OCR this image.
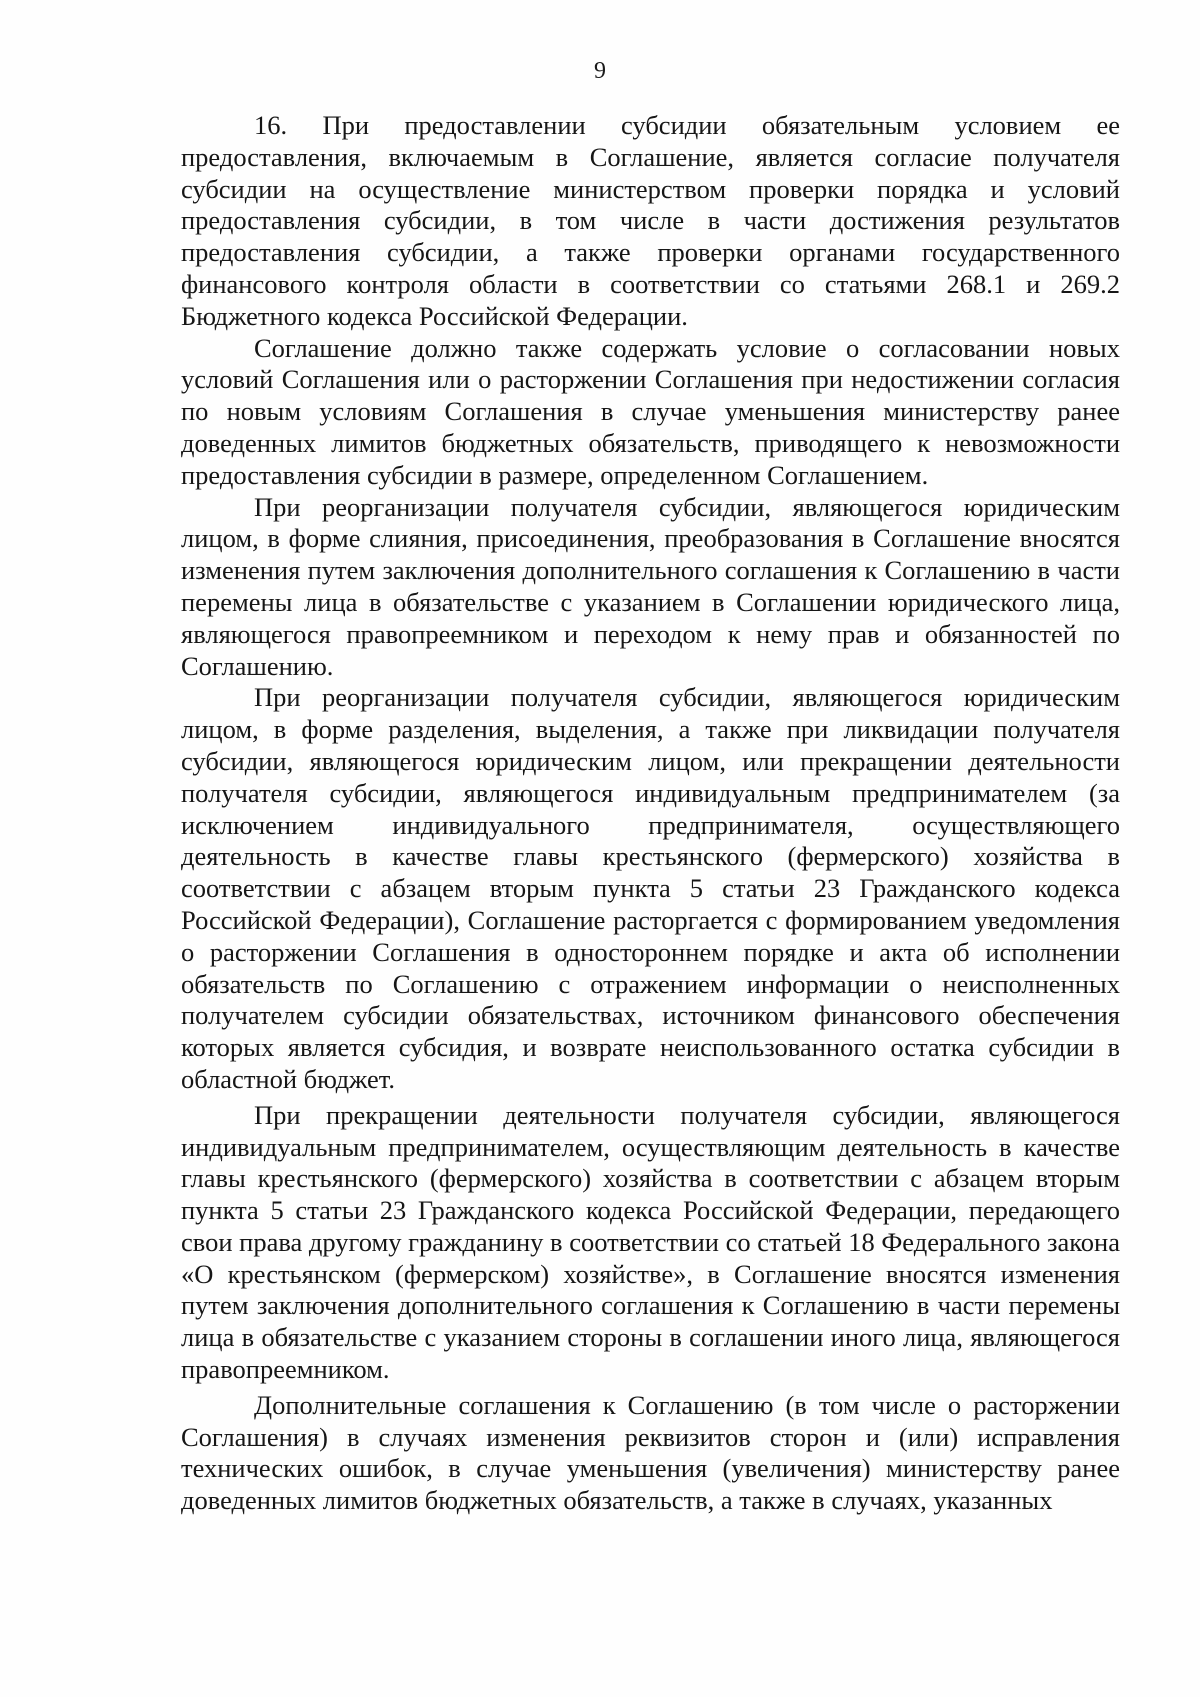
9

16. При предоставлении субсидии обязательным условием ее предоставления, включаемым в Соглашение, является согласие получателя субсидии на осуществление министерством проверки порядка и условий предоставления субсидии, в том числе в части достижения результатов предоставления субсидии, а также проверки органами государственного финансового контроля области в соответствии со статьями 268.1 и 269.2 Бюджетного кодекса Российской Федерации.

Соглашение должно также содержать условие о согласовании новых условий Соглашения или о расторжении Соглашения при недостижении согласия по новым условиям Соглашения в случае уменьшения министерству ранее доведенных лимитов бюджетных обязательств, приводящего к невозможности предоставления субсидии в размере, определенном Соглашением.

При реорганизации получателя субсидии, являющегося юридическим лицом, в форме слияния, присоединения, преобразования в Соглашение вносятся изменения путем заключения дополнительного соглашения к Соглашению в части перемены лица в обязательстве с указанием в Соглашении юридического лица, являющегося правопреемником и переходом к нему прав и обязанностей по Соглашению.

При реорганизации получателя субсидии, являющегося юридическим лицом, в форме разделения, выделения, а также при ликвидации получателя субсидии, являющегося юридическим лицом, или прекращении деятельности получателя субсидии, являющегося индивидуальным предпринимателем (за исключением индивидуального предпринимателя, осуществляющего деятельность в качестве главы крестьянского (фермерского) хозяйства в соответствии с абзацем вторым пункта 5 статьи 23 Гражданского кодекса Российской Федерации), Соглашение расторгается с формированием уведомления о расторжении Соглашения в одностороннем порядке и акта об исполнении обязательств по Соглашению с отражением информации о неисполненных получателем субсидии обязательствах, источником финансового обеспечения которых является субсидия, и возврате неиспользованного остатка субсидии в областной бюджет.

При прекращении деятельности получателя субсидии, являющегося индивидуальным предпринимателем, осуществляющим деятельность в качестве главы крестьянского (фермерского) хозяйства в соответствии с абзацем вторым пункта 5 статьи 23 Гражданского кодекса Российской Федерации, передающего свои права другому гражданину в соответствии со статьей 18 Федерального закона «О крестьянском (фермерском) хозяйстве», в Соглашение вносятся изменения путем заключения дополнительного соглашения к Соглашению в части перемены лица в обязательстве с указанием стороны в соглашении иного лица, являющегося правопреемником.

Дополнительные соглашения к Соглашению (в том числе о расторжении Соглашения) в случаях изменения реквизитов сторон и (или) исправления технических ошибок, в случае уменьшения (увеличения) министерству ранее доведенных лимитов бюджетных обязательств, а также в случаях, указанных
